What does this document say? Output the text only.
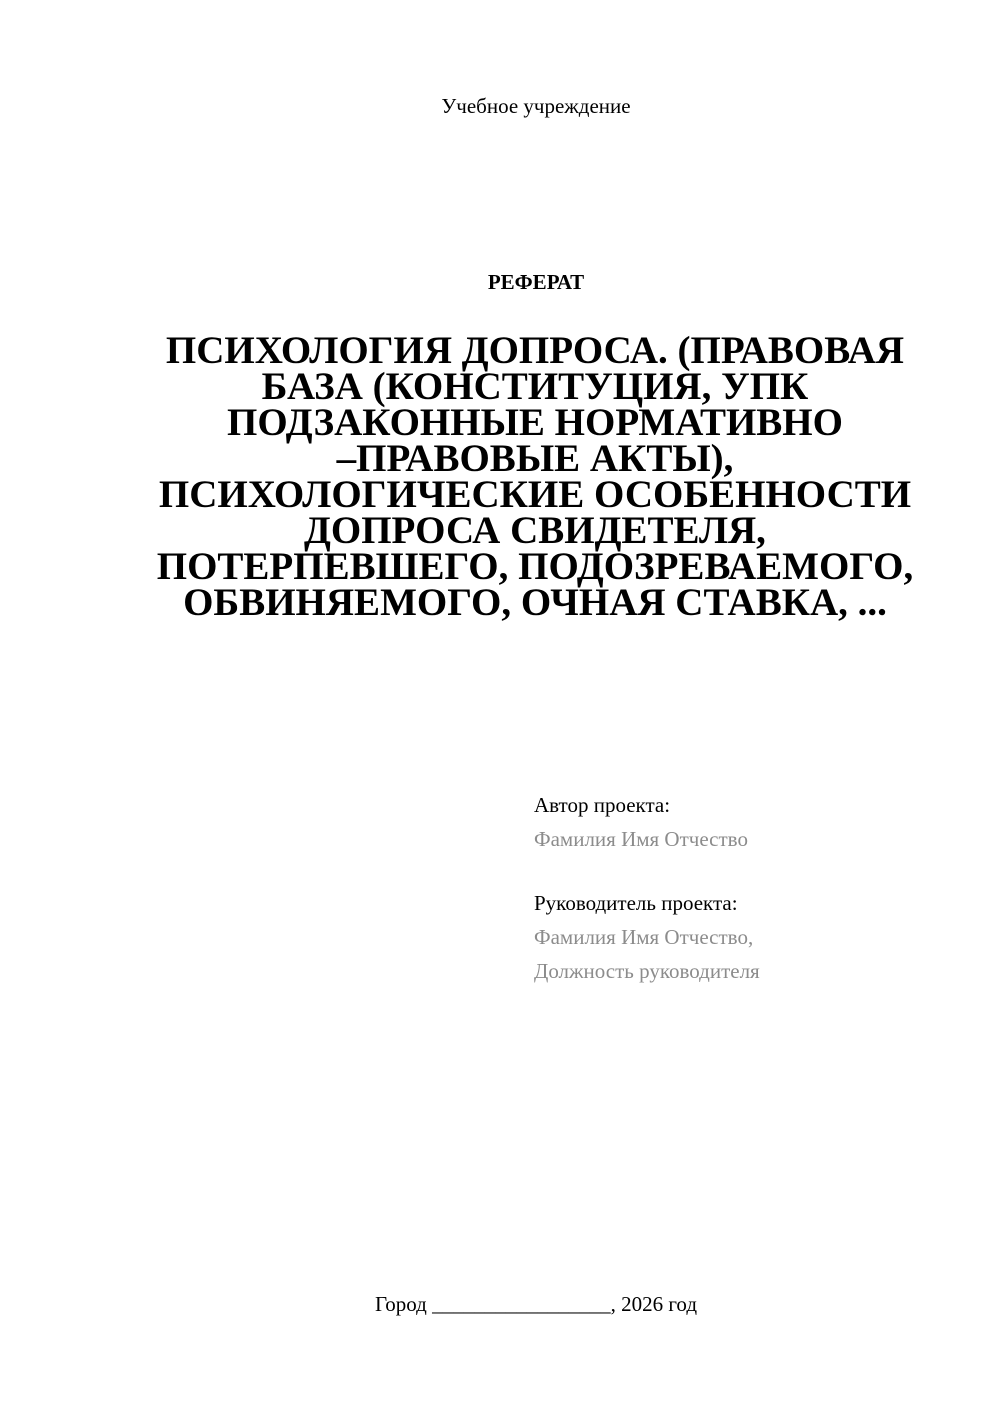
Учебное учреждение
РЕФЕРАТ
ПСИХОЛОГИЯ ДОПРОСА. (ПРАВОВАЯ
БАЗА (КОНСТИТУЦИЯ, УПК
ПОДЗАКОННЫЕ НОРМАТИВНО
–ПРАВОВЫЕ АКТЫ),
ПСИХОЛОГИЧЕСКИЕ ОСОБЕННОСТИ
ДОПРОСА СВИДЕТЕЛЯ,
ПОТЕРПЕВШЕГО, ПОДОЗРЕВАЕМОГО,
ОБВИНЯЕМОГО, ОЧНАЯ СТАВКА, ...
Автор проекта:
Фамилия Имя Отчество
Руководитель проекта:
Фамилия Имя Отчество,
Должность руководителя
Город _________________, 2026 год
